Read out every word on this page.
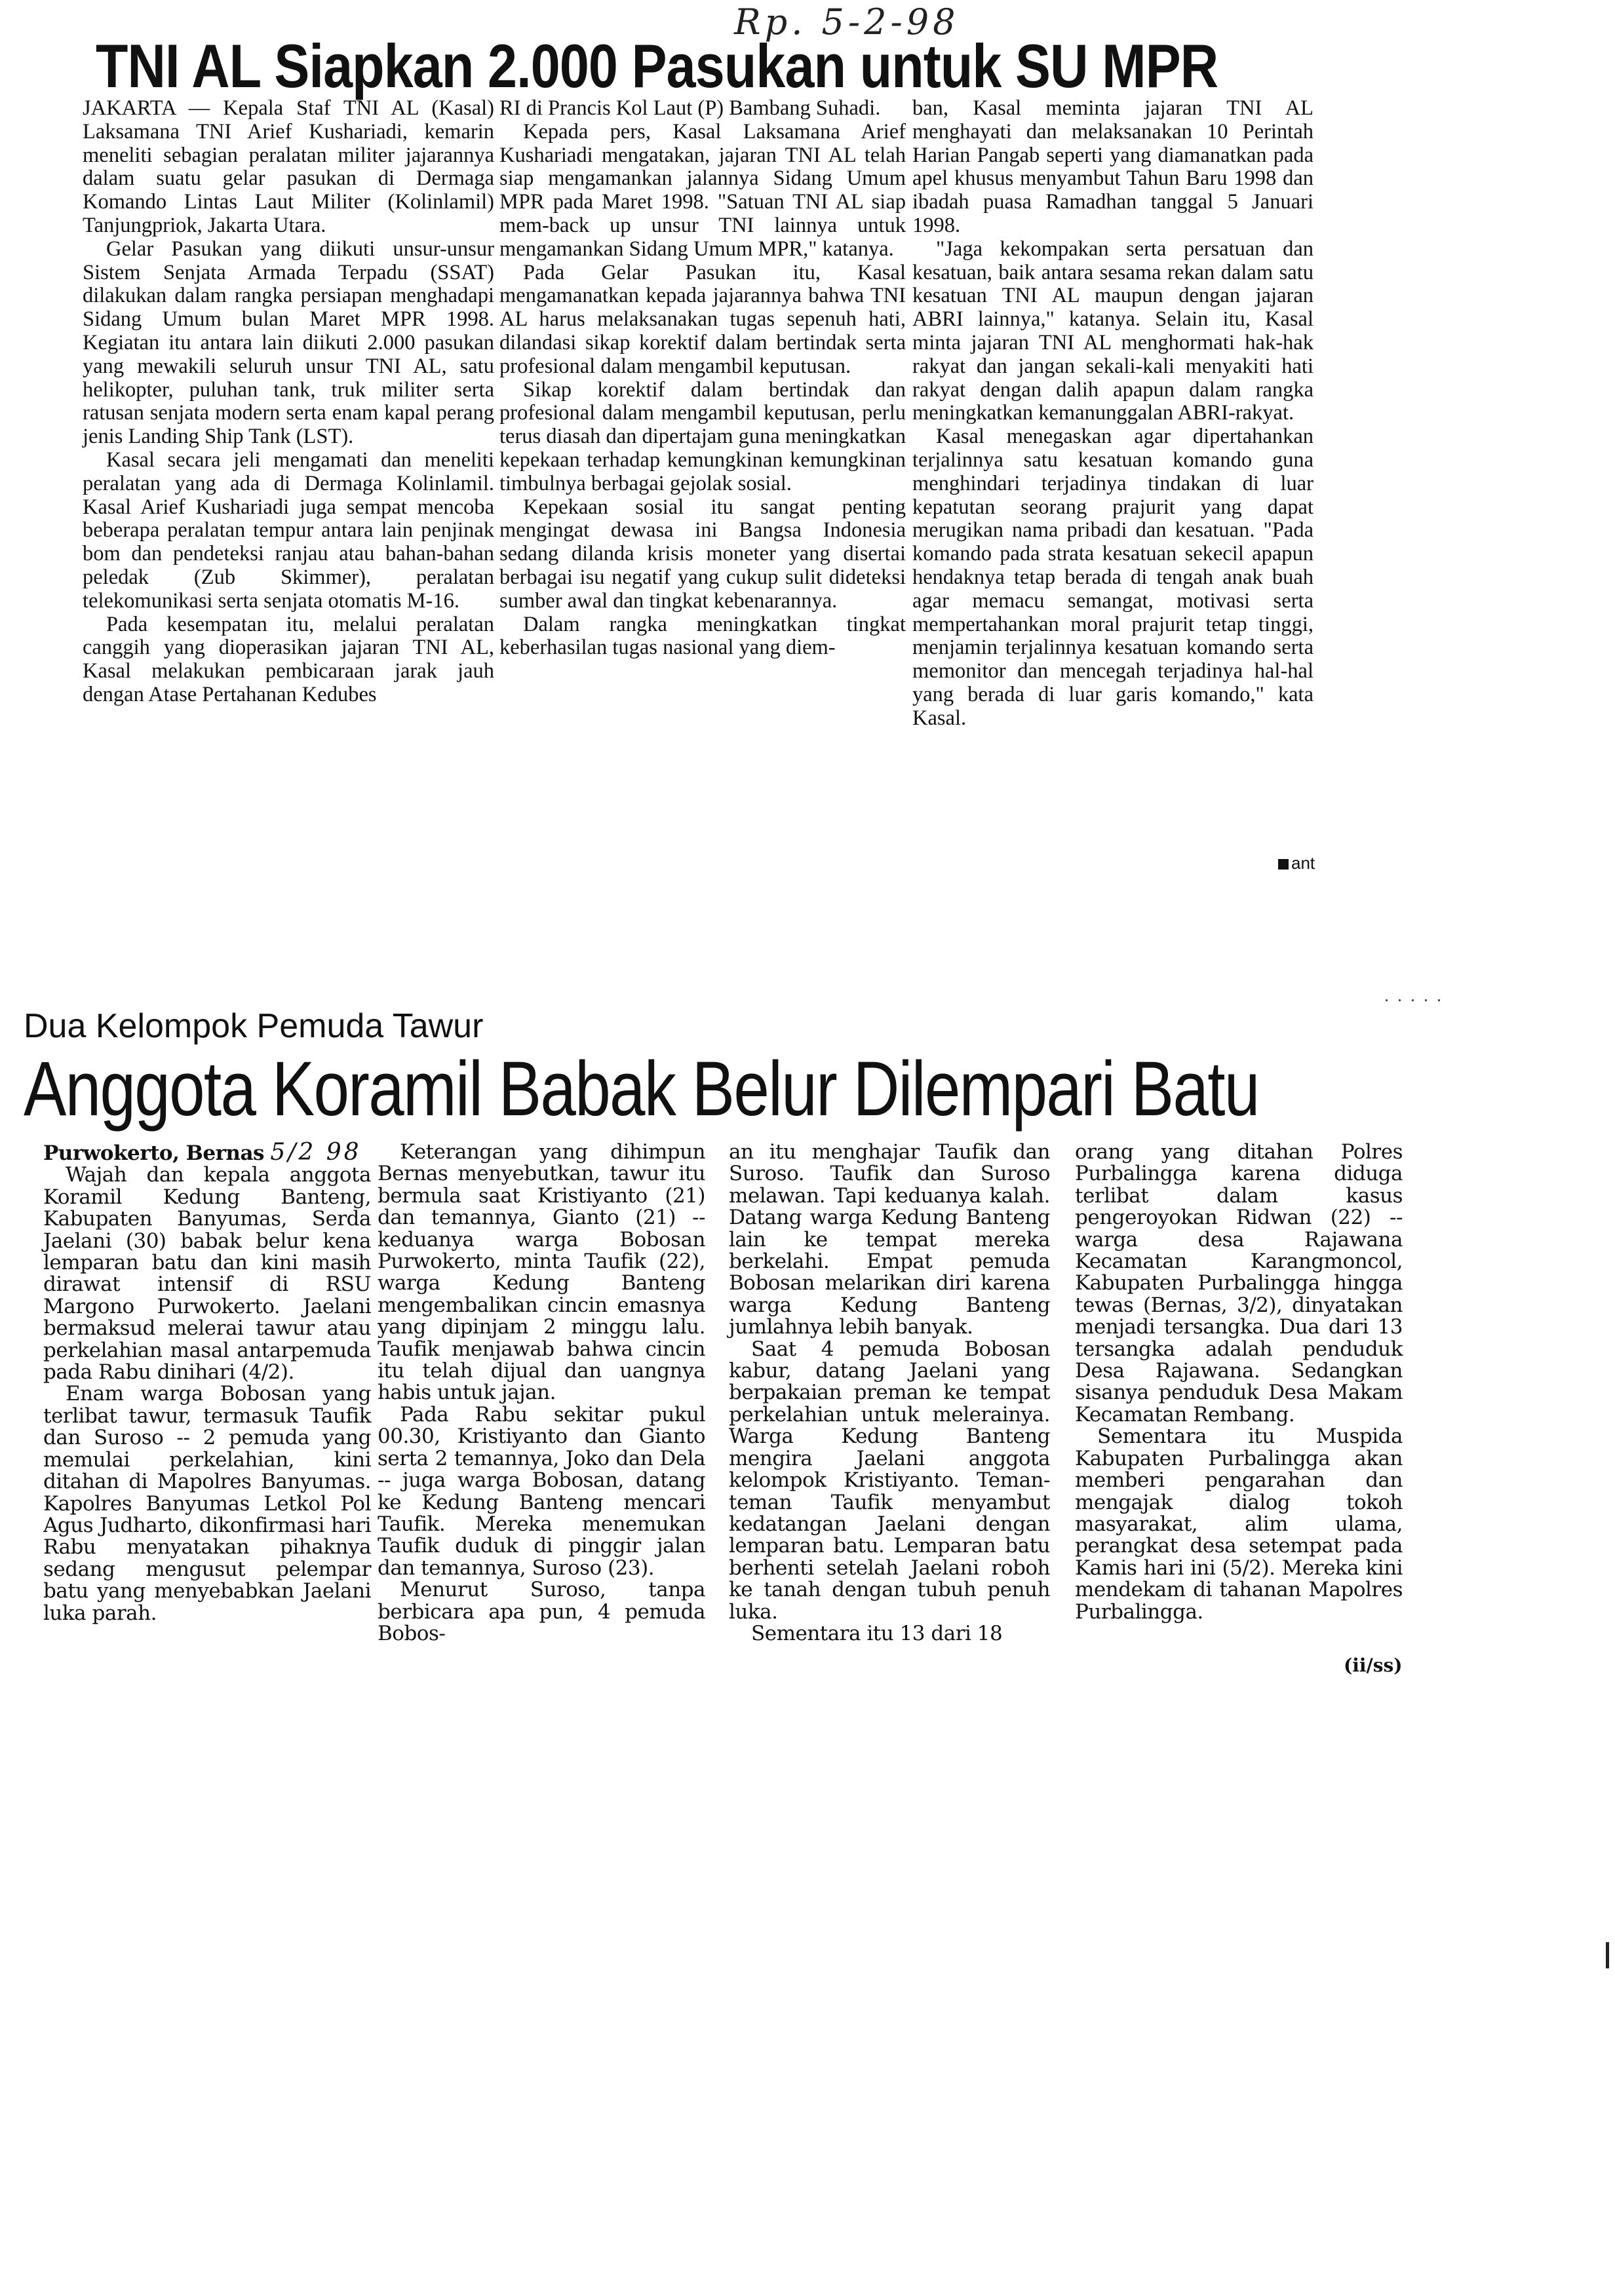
Rp. 5-2-98
TNI AL Siapkan 2.000 Pasukan untuk SU MPR

JAKARTA — Kepala Staf TNI AL (Kasal) Laksamana TNI Arief Kushariadi, kemarin meneliti sebagian peralatan militer jajarannya dalam suatu gelar pasukan di Dermaga Komando Lintas Laut Militer (Kolinlamil) Tanjungpriok, Jakarta Utara.

Gelar Pasukan yang diikuti unsur-unsur Sistem Senjata Armada Terpadu (SSAT) dilakukan dalam rangka persiapan menghadapi Sidang Umum bulan Maret MPR 1998. Kegiatan itu antara lain diikuti 2.000 pasukan yang mewakili seluruh unsur TNI AL, satu helikopter, puluhan tank, truk militer serta ratusan senjata modern serta enam kapal perang jenis Landing Ship Tank (LST).

Kasal secara jeli mengamati dan meneliti peralatan yang ada di Dermaga Kolinlamil. Kasal Arief Kushariadi juga sempat mencoba beberapa peralatan tempur antara lain penjinak bom dan pendeteksi ranjau atau bahan-bahan peledak (Zub Skimmer), peralatan telekomunikasi serta senjata otomatis M-16.

Pada kesempatan itu, melalui peralatan canggih yang dioperasikan jajaran TNI AL, Kasal melakukan pembicaraan jarak jauh dengan Atase Pertahanan Kedubes

RI di Prancis Kol Laut (P) Bambang Suhadi.

Kepada pers, Kasal Laksamana Arief Kushariadi mengatakan, jajaran TNI AL telah siap mengamankan jalannya Sidang Umum MPR pada Maret 1998. "Satuan TNI AL siap mem-back up unsur TNI lainnya untuk mengamankan Sidang Umum MPR," katanya.

Pada Gelar Pasukan itu, Kasal mengamanatkan kepada jajarannya bahwa TNI AL harus melaksanakan tugas sepenuh hati, dilandasi sikap korektif dalam bertindak serta profesional dalam mengambil keputusan.

Sikap korektif dalam bertindak dan profesional dalam mengambil keputusan, perlu terus diasah dan dipertajam guna meningkatkan kepekaan terhadap kemungkinan kemungkinan timbulnya berbagai gejolak sosial.

Kepekaan sosial itu sangat penting mengingat dewasa ini Bangsa Indonesia sedang dilanda krisis moneter yang disertai berbagai isu negatif yang cukup sulit dideteksi sumber awal dan tingkat kebenarannya.

Dalam rangka meningkatkan tingkat keberhasilan tugas nasional yang diem-

ban, Kasal meminta jajaran TNI AL menghayati dan melaksanakan 10 Perintah Harian Pangab seperti yang diamanatkan pada apel khusus menyambut Tahun Baru 1998 dan ibadah puasa Ramadhan tanggal 5 Januari 1998.

"Jaga kekompakan serta persatuan dan kesatuan, baik antara sesama rekan dalam satu kesatuan TNI AL maupun dengan jajaran ABRI lainnya," katanya. Selain itu, Kasal minta jajaran TNI AL menghormati hak-hak rakyat dan jangan sekali-kali menyakiti hati rakyat dengan dalih apapun dalam rangka meningkatkan kemanunggalan ABRI-rakyat.

Kasal menegaskan agar dipertahankan terjalinnya satu kesatuan komando guna menghindari terjadinya tindakan di luar kepatutan seorang prajurit yang dapat merugikan nama pribadi dan kesatuan. "Pada komando pada strata kesatuan sekecil apapun hendaknya tetap berada di tengah anak buah agar memacu semangat, motivasi serta mempertahankan moral prajurit tetap tinggi, menjamin terjalinnya kesatuan komando serta memonitor dan mencegah terjadinya hal-hal yang berada di luar garis komando," kata Kasal.

ant
. . . . .
Dua Kelompok Pemuda Tawur
Anggota Koramil Babak Belur Dilempari Batu

Purwokerto, Bernas 5/2 98

Wajah dan kepala anggota Koramil Kedung Banteng, Kabupaten Banyumas, Serda Jaelani (30) babak belur kena lemparan batu dan kini masih dirawat intensif di RSU Margono Purwokerto. Jaelani bermaksud melerai tawur atau perkelahian masal antarpemuda pada Rabu dinihari (4/2).

Enam warga Bobosan yang terlibat tawur, termasuk Taufik dan Suroso -- 2 pemuda yang memulai perkelahian, kini ditahan di Mapolres Banyumas. Kapolres Banyumas Letkol Pol Agus Judharto, dikonfirmasi hari Rabu menyatakan pihaknya sedang mengusut pelempar batu yang menyebabkan Jaelani luka parah.

Keterangan yang dihimpun Bernas menyebutkan, tawur itu bermula saat Kristiyanto (21) dan temannya, Gianto (21) -- keduanya warga Bobosan Purwokerto, minta Taufik (22), warga Kedung Banteng mengembalikan cincin emasnya yang dipinjam 2 minggu lalu. Taufik menjawab bahwa cincin itu telah dijual dan uangnya habis untuk jajan.

Pada Rabu sekitar pukul 00.30, Kristiyanto dan Gianto serta 2 temannya, Joko dan Dela -- juga warga Bobosan, datang ke Kedung Banteng mencari Taufik. Mereka menemukan Taufik duduk di pinggir jalan dan temannya, Suroso (23).

Menurut Suroso, tanpa berbicara apa pun, 4 pemuda Bobos-

an itu menghajar Taufik dan Suroso. Taufik dan Suroso melawan. Tapi keduanya kalah. Datang warga Kedung Banteng lain ke tempat mereka berkelahi. Empat pemuda Bobosan melarikan diri karena warga Kedung Banteng jumlahnya lebih banyak.

Saat 4 pemuda Bobosan kabur, datang Jaelani yang berpakaian preman ke tempat perkelahian untuk melerainya. Warga Kedung Banteng mengira Jaelani anggota kelompok Kristiyanto. Teman-teman Taufik menyambut kedatangan Jaelani dengan lemparan batu. Lemparan batu berhenti setelah Jaelani roboh ke tanah dengan tubuh penuh luka.

Sementara itu 13 dari 18

orang yang ditahan Polres Purbalingga karena diduga terlibat dalam kasus pengeroyokan Ridwan (22) -- warga desa Rajawana Kecamatan Karangmoncol, Kabupaten Purbalingga hingga tewas (Bernas, 3/2), dinyatakan menjadi tersangka. Dua dari 13 tersangka adalah penduduk Desa Rajawana. Sedangkan sisanya penduduk Desa Makam Kecamatan Rembang.

Sementara itu Muspida Kabupaten Purbalingga akan memberi pengarahan dan mengajak dialog tokoh masyarakat, alim ulama, perangkat desa setempat pada Kamis hari ini (5/2). Mereka kini mendekam di tahanan Mapolres Purbalingga.

(ii/ss)
